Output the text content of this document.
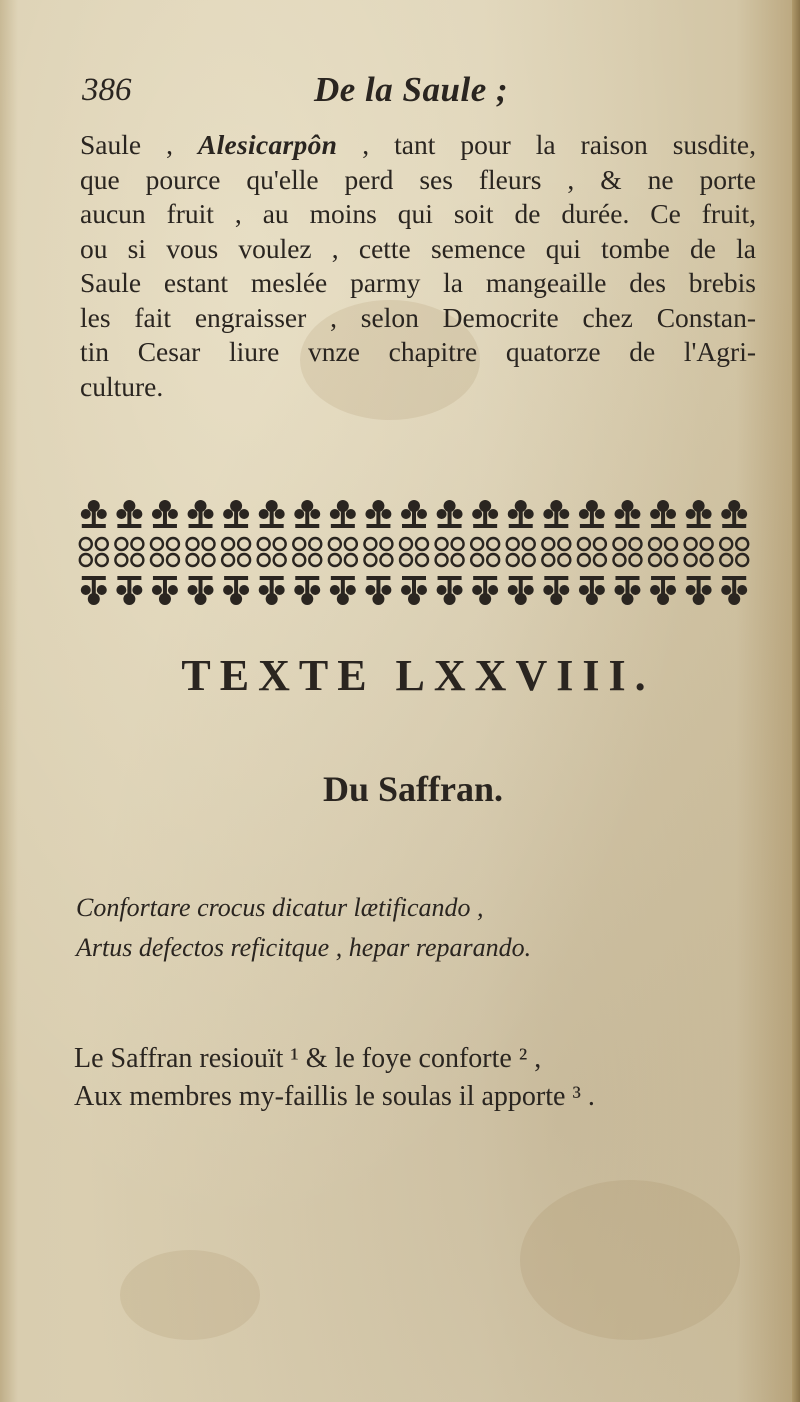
386	De la Saule ;
Saule , Alesicarpôn , tant pour la raison susdite,
que pource qu'elle perd ses fleurs , & ne porte
aucun fruit , au moins qui soit de durée. Ce fruit,
ou si vous voulez , cette semence qui tombe de la
Saule estant meslée parmy la mangeaille des brebis
les fait engraisser , selon Democrite chez Constan-
tin Cesar liure vnze chapitre quatorze de l'Agri-
culture.
TEXTE LXXVIII.
Du Saffran.
Confortare crocus dicatur lætificando ,
Artus defectos reficitque , hepar reparando.
Le Saffran resiouït ¹ & le foye conforte ² ,
Aux membres my-faillis le soulas il apporte ³ .
